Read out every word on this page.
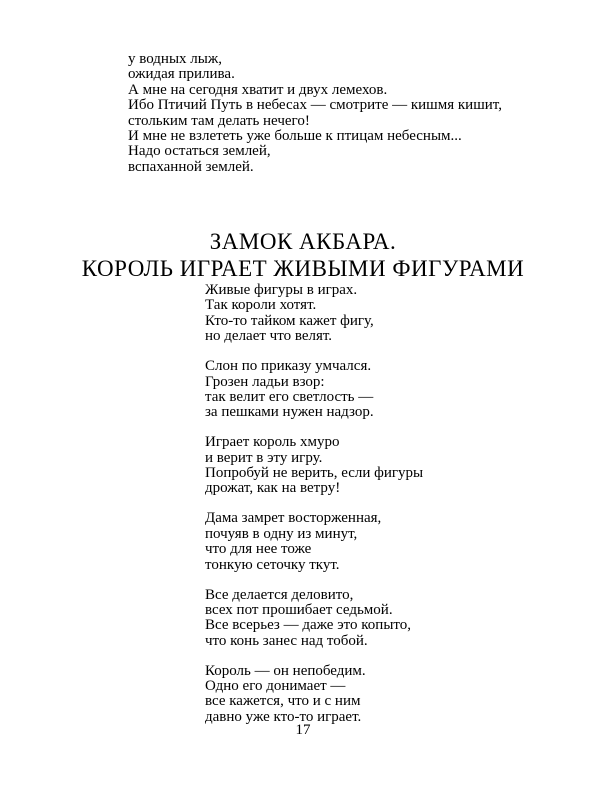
у водных лыж,
ожидая прилива.
А мне на сегодня хватит и двух лемехов.
Ибо Птичий Путь в небесах — смотрите — кишмя кишит,
стольким там делать нечего!
И мне не взлететь уже больше к птицам небесным...
Надо остаться землей,
вспаханной землей.
ЗАМОК АКБАРА.
КОРОЛЬ ИГРАЕТ ЖИВЫМИ ФИГУРАМИ
Живые фигуры в играх.
Так короли хотят.
Кто-то тайком кажет фигу,
но делает что велят.
Слон по приказу умчался.
Грозен ладьи взор:
так велит его светлость —
за пешками нужен надзор.
Играет король хмуро
и верит в эту игру.
Попробуй не верить, если фигуры
дрожат, как на ветру!
Дама замрет восторженная,
почуяв в одну из минут,
что для нее тоже
тонкую сеточку ткут.
Все делается деловито,
всех пот прошибает седьмой.
Все всерьез — даже это копыто,
что конь занес над тобой.
Король — он непобедим.
Одно его донимает —
все кажется, что и с ним
давно уже кто-то играет.
17
